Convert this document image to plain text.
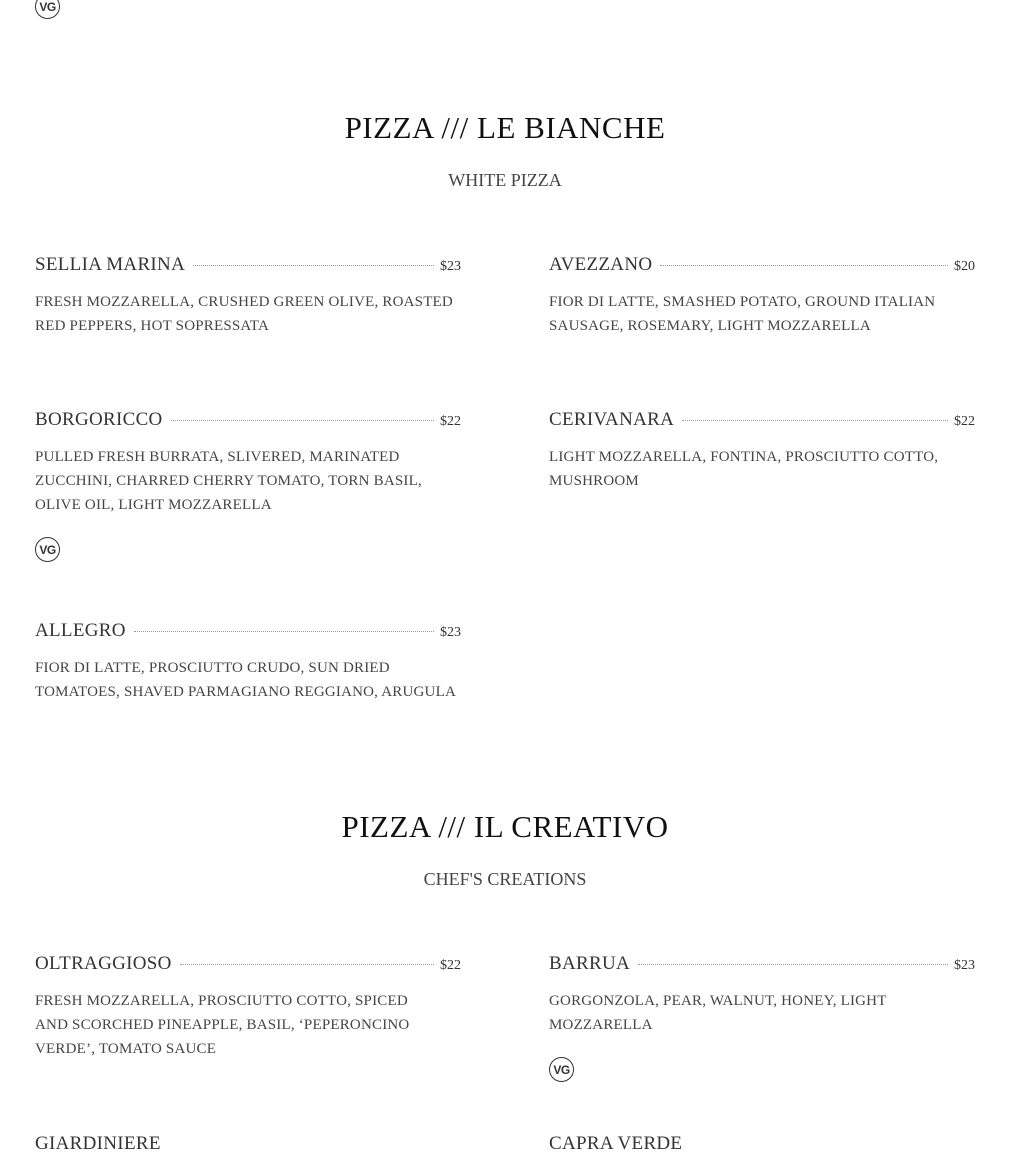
VG
PIZZA /// LE BIANCHE
WHITE PIZZA
SELLIA MARINA	$23
FRESH MOZZARELLA, CRUSHED GREEN OLIVE, ROASTED RED PEPPERS, HOT SOPRESSATA
AVEZZANO	$20
FIOR DI LATTE, SMASHED POTATO, GROUND ITALIAN SAUSAGE, ROSEMARY, LIGHT MOZZARELLA
BORGORICCO	$22
PULLED FRESH BURRATA, SLIVERED, MARINATED ZUCCHINI, CHARRED CHERRY TOMATO, TORN BASIL, OLIVE OIL, LIGHT MOZZARELLA
VG
CERIVANARA	$22
LIGHT MOZZARELLA, FONTINA, PROSCIUTTO COTTO, MUSHROOM
ALLEGRO	$23
FIOR DI LATTE, PROSCIUTTO CRUDO, SUN DRIED TOMATOES, SHAVED PARMAGIANO REGGIANO, ARUGULA
PIZZA /// IL CREATIVO
CHEF'S CREATIONS
OLTRAGGIOSO	$22
FRESH MOZZARELLA, PROSCIUTTO COTTO, SPICED AND SCORCHED PINEAPPLE, BASIL, ‘PEPERONCINO VERDE’, TOMATO SAUCE
BARRUA	$23
GORGONZOLA, PEAR, WALNUT, HONEY, LIGHT MOZZARELLA
VG
GIARDINIERE	CAPRA VERDE
